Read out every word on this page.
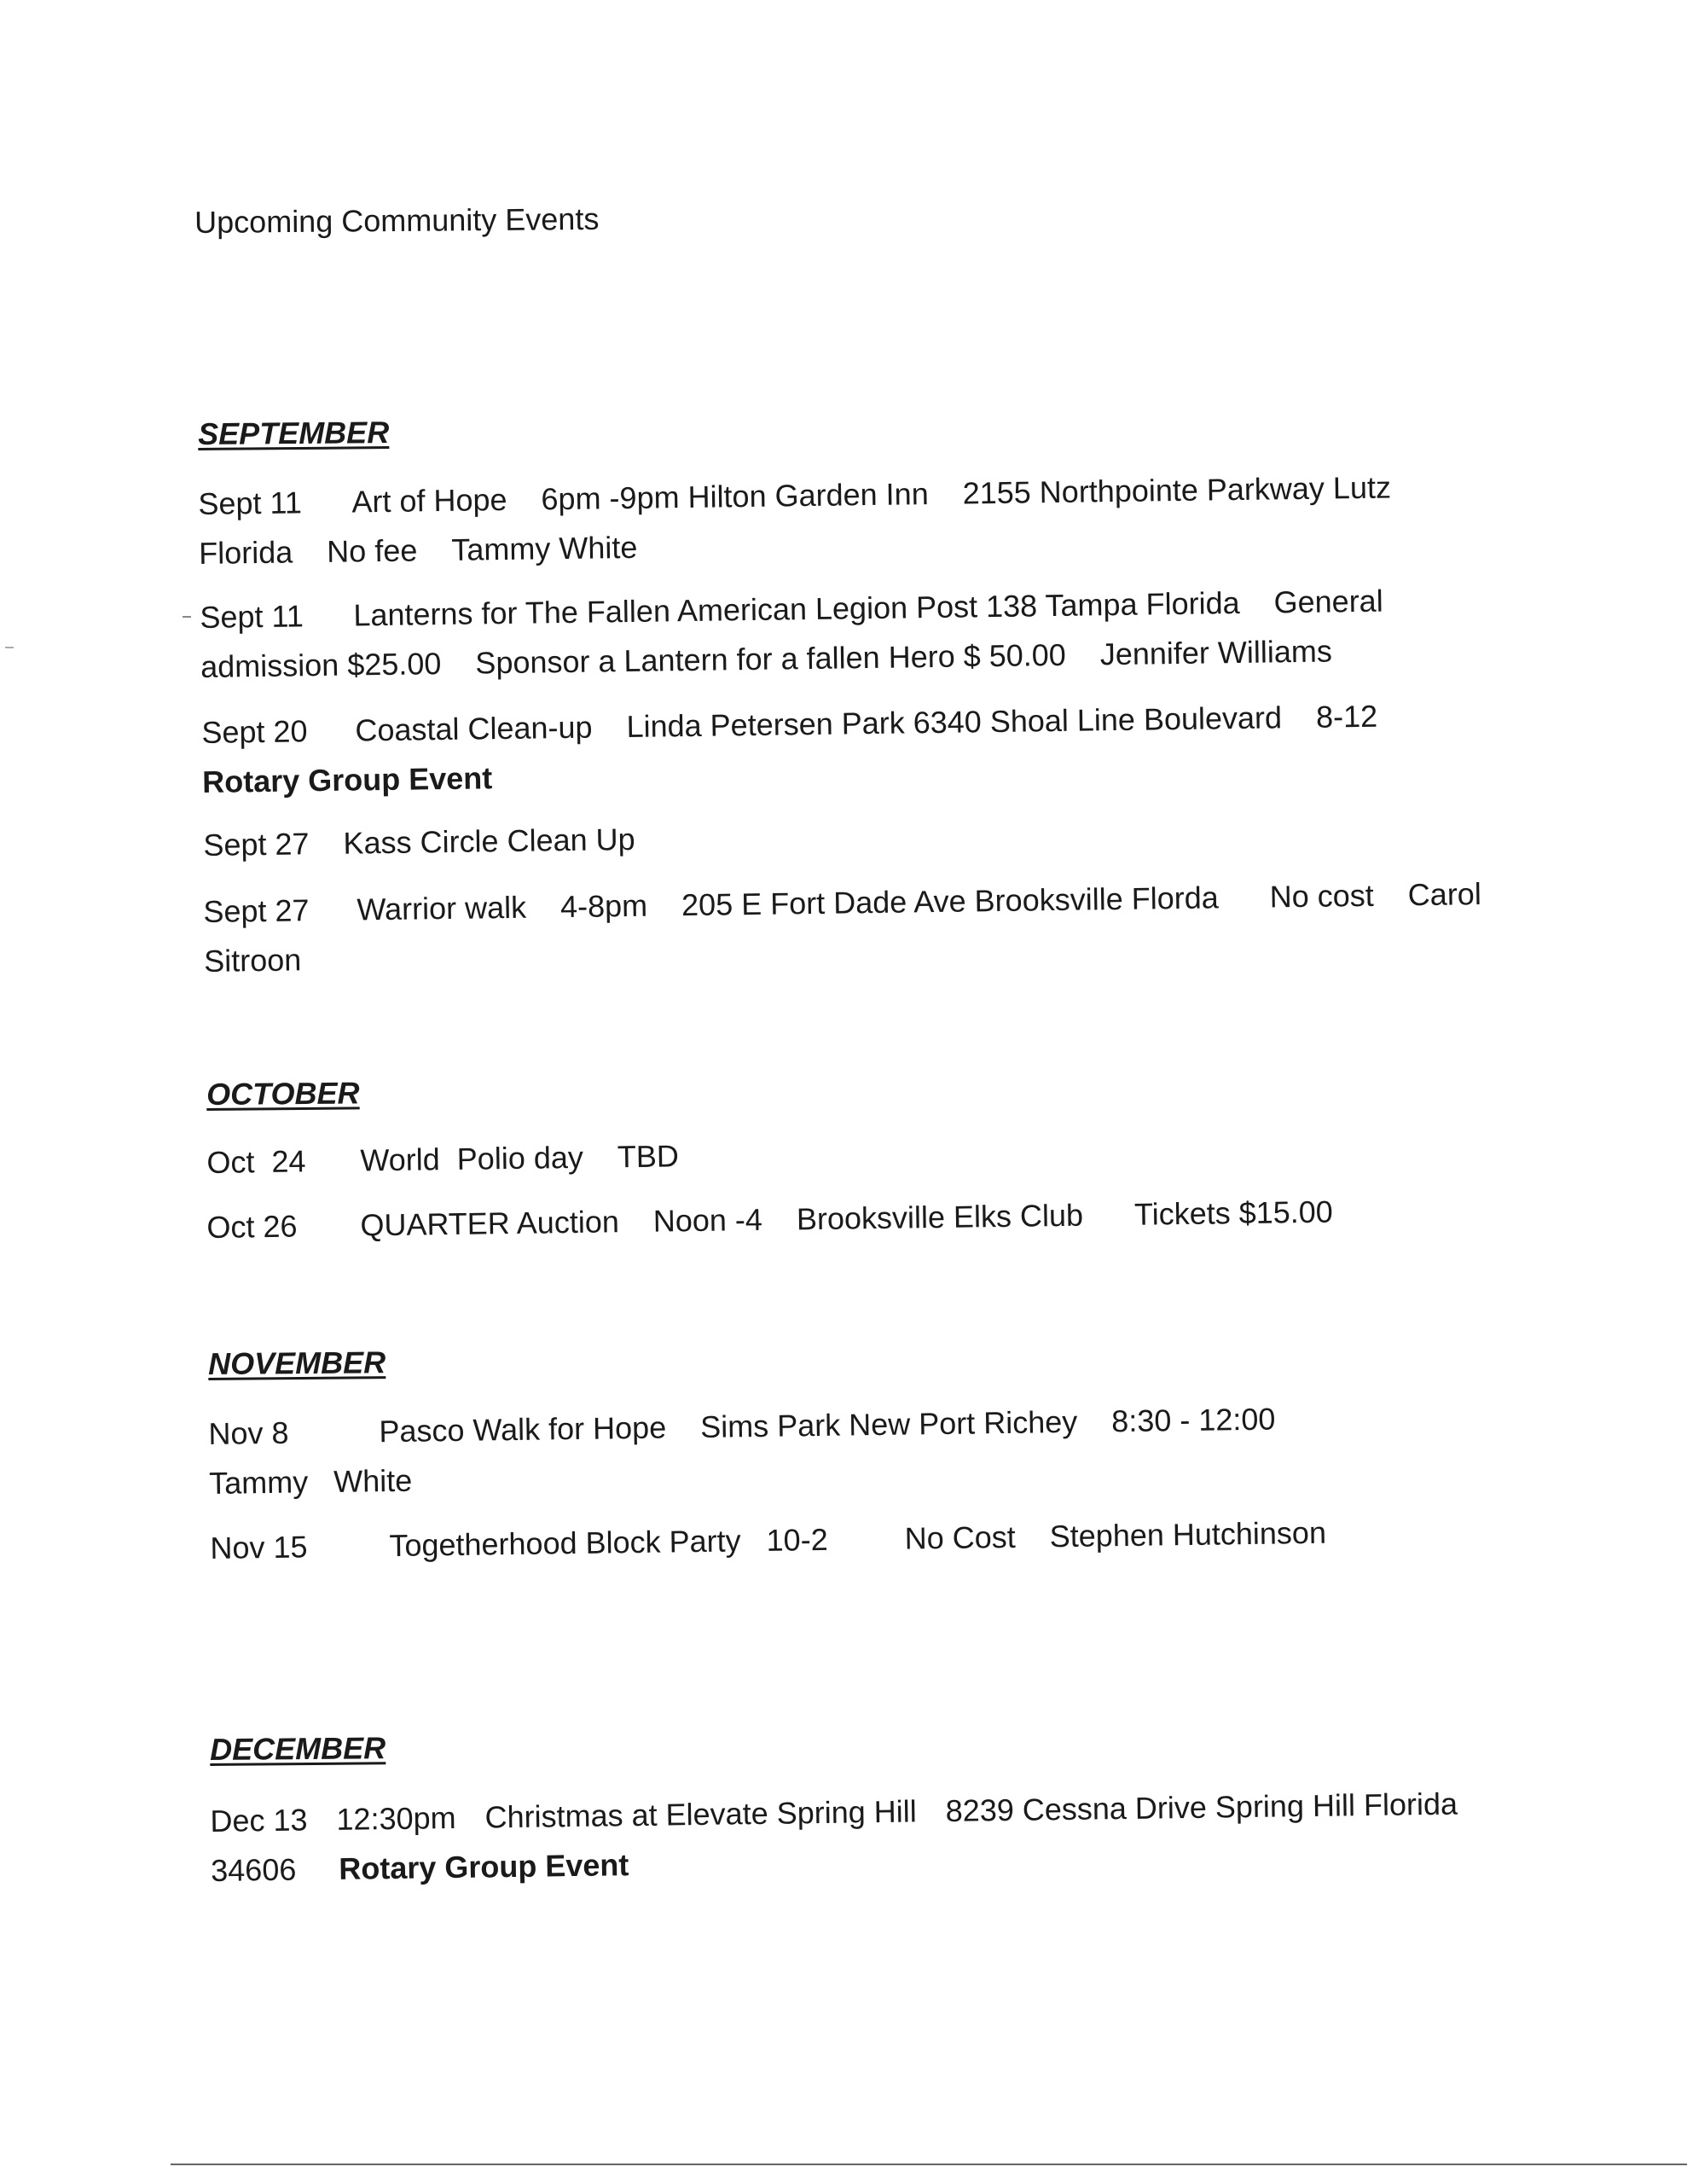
Upcoming Community Events
SEPTEMBER
Sept 11 Art of Hope 6pm -9pm Hilton Garden Inn 2155 Northpointe Parkway Lutz
Florida No fee Tammy White
Sept 11 Lanterns for The Fallen American Legion Post 138 Tampa Florida General
admission $25.00 Sponsor a Lantern for a fallen Hero $ 50.00 Jennifer Williams
Sept 20 Coastal Clean-up Linda Petersen Park 6340 Shoal Line Boulevard 8-12
Rotary Group Event
Sept 27 Kass Circle Clean Up
Sept 27 Warrior walk 4-8pm 205 E Fort Dade Ave Brooksville Florda No cost Carol
Sitroon
OCTOBER
Oct  24 World  Polio day TBD
Oct 26 QUARTER Auction Noon -4 Brooksville Elks Club Tickets $15.00
NOVEMBER
Nov 8	Pasco Walk for Hope Sims Park New Port Richey 8:30 - 12:00
Tammy White
Nov 15	Togetherhood Block Party 10-2 No Cost Stephen Hutchinson
DECEMBER
Dec 13 12:30pm Christmas at Elevate Spring Hill 8239 Cessna Drive Spring Hill Florida
34606 Rotary Group Event
